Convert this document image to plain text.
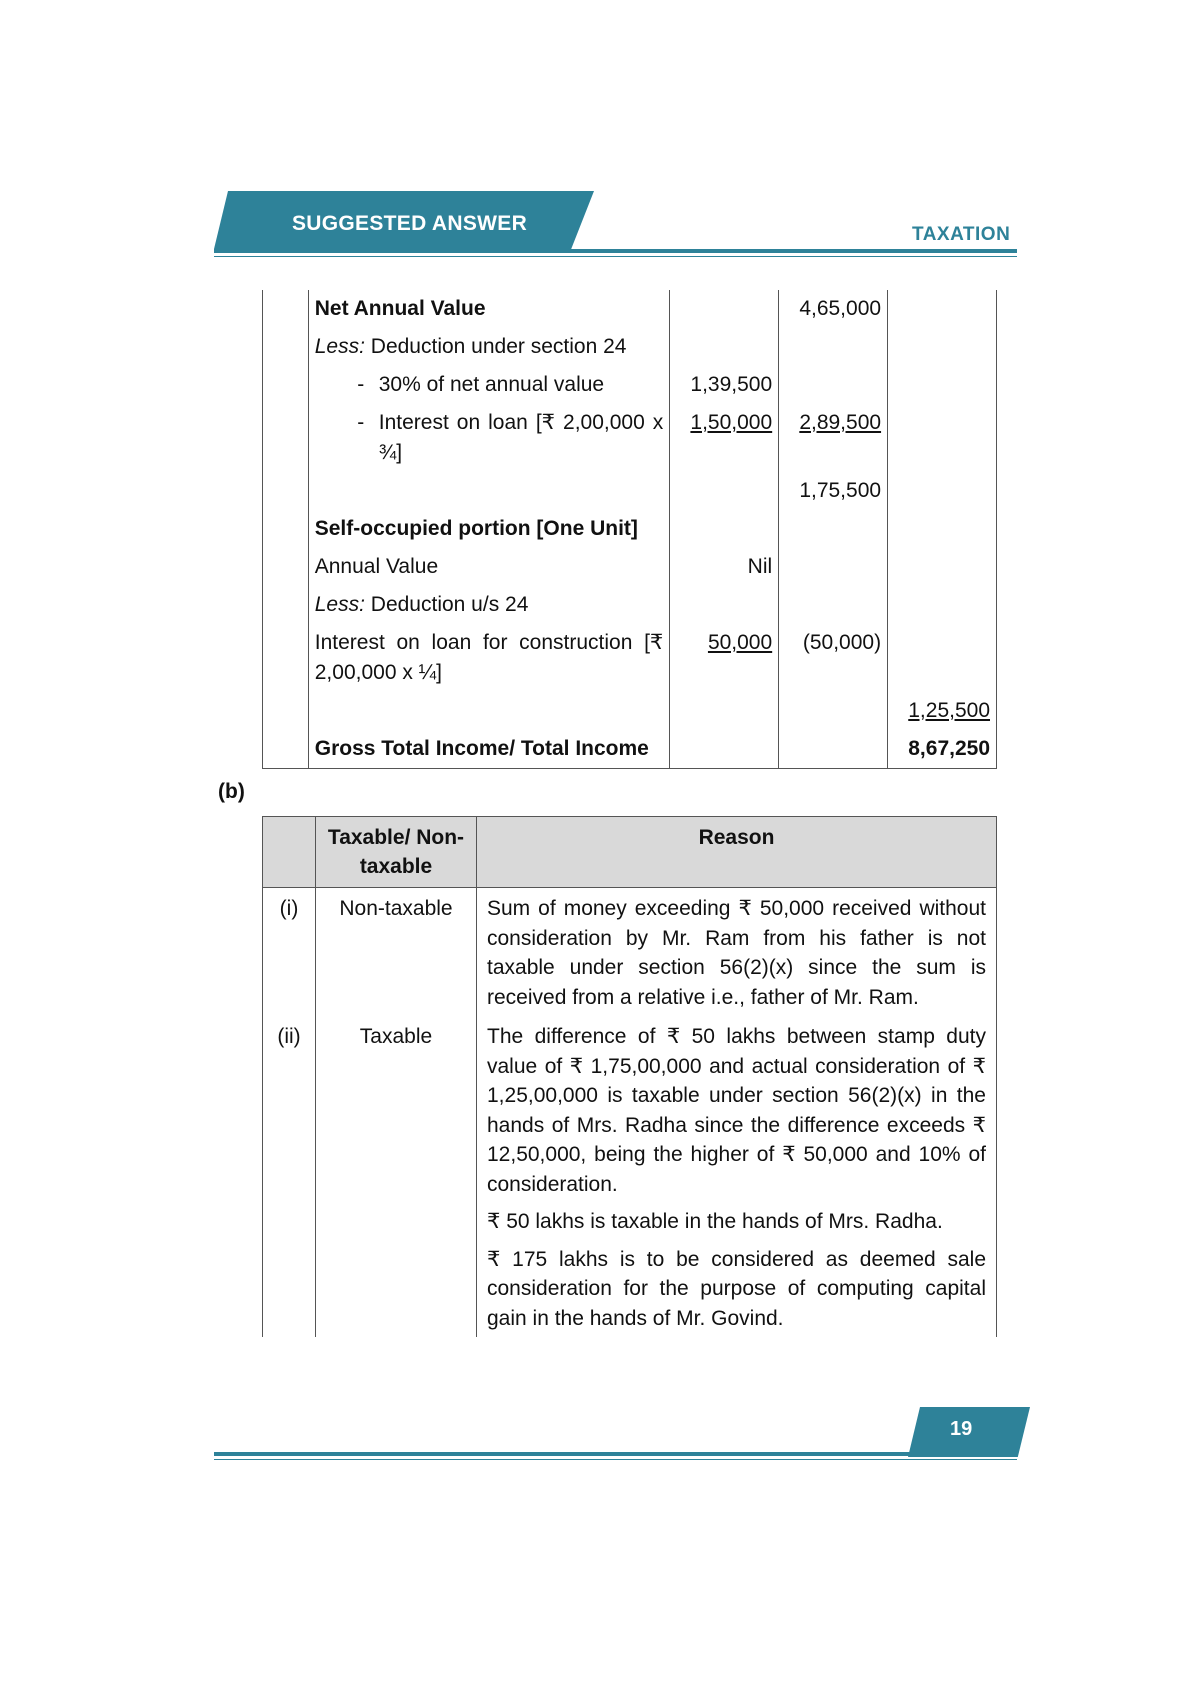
SUGGESTED ANSWER	TAXATION
	Net Annual Value		4,65,000	
	Less: Deduction under section 24			

	- 30% of net annual value	1,39,500		

	- Interest on loan [₹ 2,00,000 x ¾]	1,50,000	2,89,500	
			1,75,500	
	Self-occupied portion [One Unit]			
	Annual Value	Nil		
	Less: Deduction u/s 24			
	Interest on loan for construction [₹ 2,00,000 x ¼]	50,000	(50,000)	
				1,25,500
	Gross Total Income/ Total Income			8,67,250
(b)
	Taxable/ Non-taxable	Reason
(i)	Non-taxable	Sum of money exceeding ₹ 50,000 received without consideration by Mr. Ram from his father is not taxable under section 56(2)(x) since the sum is received from a relative i.e., father of Mr. Ram.

(ii)	Taxable	The difference of ₹ 50 lakhs between stamp duty value of ₹ 1,75,00,000 and actual consideration of ₹ 1,25,00,000 is taxable under section 56(2)(x) in the hands of Mrs. Radha since the difference exceeds ₹ 12,50,000, being the higher of ₹ 50,000 and 10% of consideration.

₹ 50 lakhs is taxable in the hands of Mrs. Radha.

₹ 175 lakhs is to be considered as deemed sale consideration for the purpose of computing capital gain in the hands of Mr. Govind.

19
